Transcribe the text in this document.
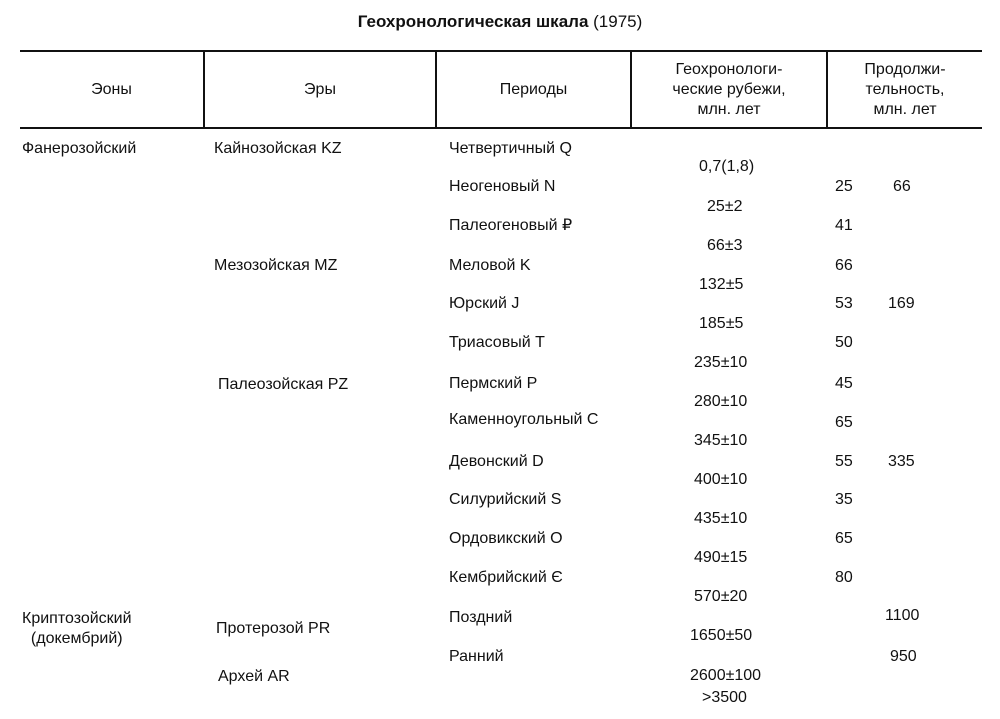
Геохронологическая шкала (1975)
Эоны	Эры	Периоды
Геохронологи-
ческие рубежи,
млн. лет
Продолжи-
тельность,
млн. лет
Фанерозойский
Криптозойский
(докембрий)
Кайнозойская KZ
Мезозойская MZ
Палеозойская PZ
Протерозой PR
Архей AR
Четвертичный Q
Неогеновый N
Палеогеновый ₽
Меловой K
Юрский J
Триасовый T
Пермский P
Каменноугольный C
Девонский D
Силурийский S
Ордовикский O
Кембрийский Є
Поздний
Ранний
0,7(1,8)
25±2
66±3
132±5
185±5
235±10
280±10
345±10
400±10
435±10
490±15
570±20
1650±50
2600±100
>3500
25
41
66
53
50
45
65
55
35
65
80
66
169
335
1100
950
